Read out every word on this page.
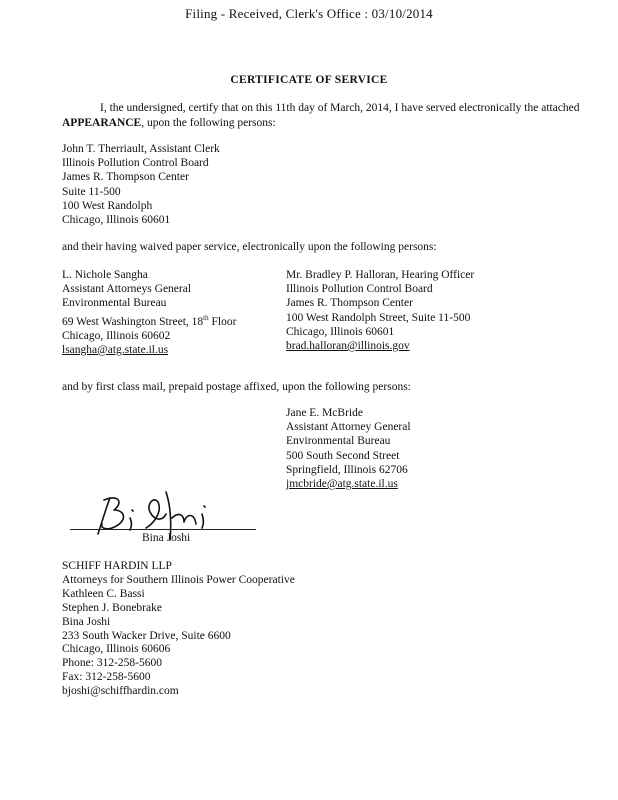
Filing - Received, Clerk's Office : 03/10/2014
CERTIFICATE OF SERVICE
I, the undersigned, certify that on this 11th day of March, 2014, I have served electronically the attached APPEARANCE, upon the following persons:
John T. Therriault, Assistant Clerk
Illinois Pollution Control Board
James R. Thompson Center
Suite 11-500
100 West Randolph
Chicago, Illinois 60601
and their having waived paper service, electronically upon the following persons:
L. Nichole Sangha
Assistant Attorneys General
Environmental Bureau
69 West Washington Street, 18th Floor
Chicago, Illinois 60602
lsangha@atg.state.il.us
Mr. Bradley P. Halloran, Hearing Officer
Illinois Pollution Control Board
James R. Thompson Center
100 West Randolph Street, Suite 11-500
Chicago, Illinois 60601
brad.halloran@illinois.gov
and by first class mail, prepaid postage affixed, upon the following persons:
Jane E. McBride
Assistant Attorney General
Environmental Bureau
500 South Second Street
Springfield, Illinois 62706
jmcbride@atg.state.il.us
Bina Joshi
SCHIFF HARDIN LLP
Attorneys for Southern Illinois Power Cooperative
Kathleen C. Bassi
Stephen J. Bonebrake
Bina Joshi
233 South Wacker Drive, Suite 6600
Chicago, Illinois 60606
Phone: 312-258-5600
Fax: 312-258-5600
bjoshi@schiffhardin.com
